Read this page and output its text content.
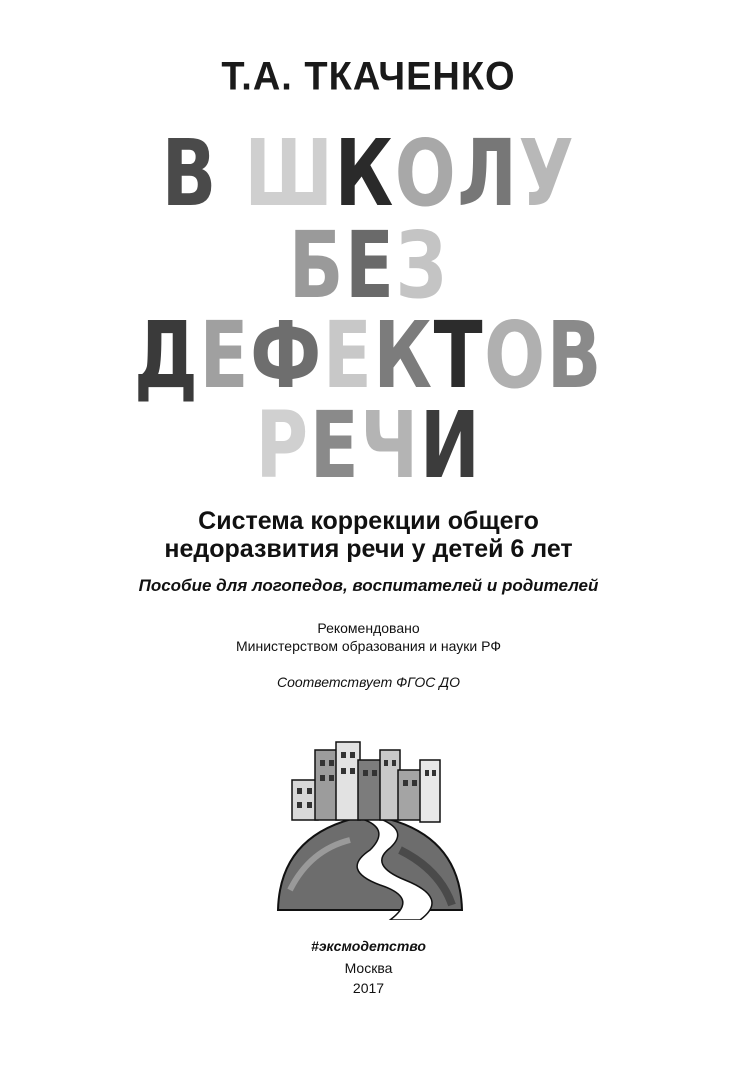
Т.А. ТКАЧЕНКО
В ШКОЛУ
БЕЗ
ДЕФЕКТОВ
РЕЧИ
Система коррекции общего
недоразвития речи у детей 6 лет
Пособие для логопедов, воспитателей и родителей
Рекомендовано
Министерством образования и науки РФ
Соответствует ФГОС ДО
#эксмодетство
Москва
2017
